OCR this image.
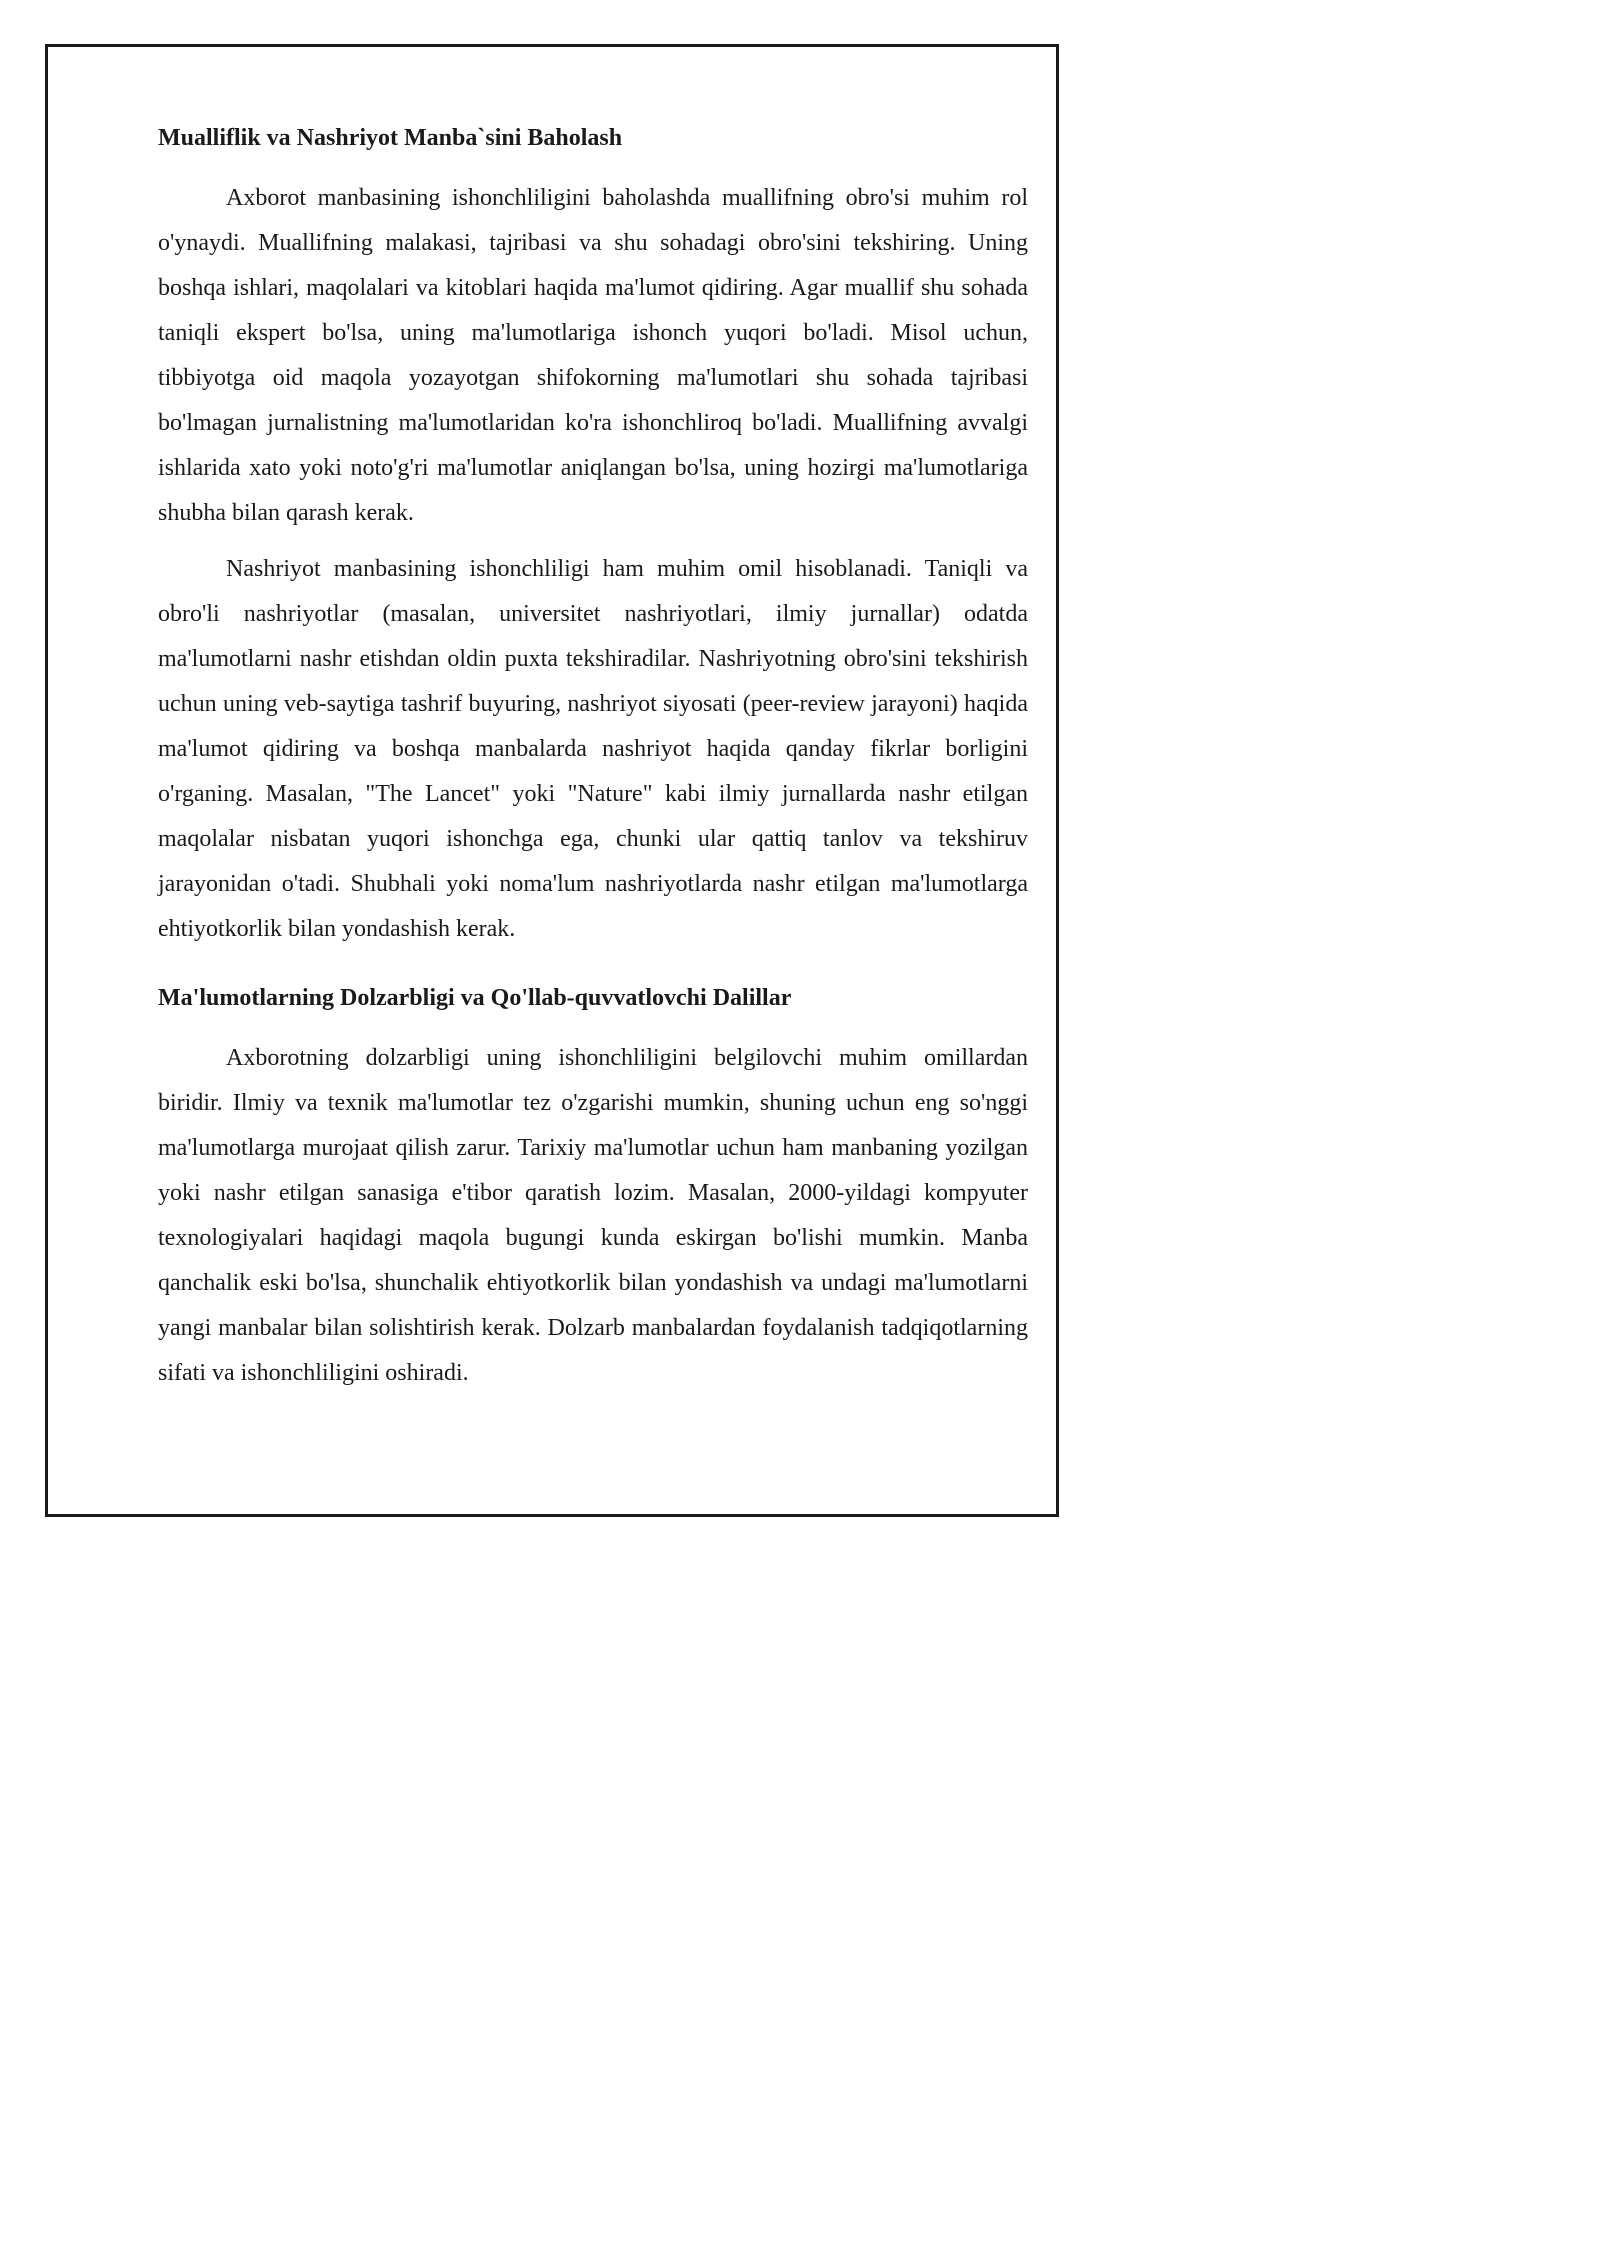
Mualliflik va Nashriyot Manba`sini Baholash

Axborot manbasining ishonchliligini baholashda muallifning obro'si muhim rol o'ynaydi. Muallifning malakasi, tajribasi va shu sohadagi obro'sini tekshiring. Uning boshqa ishlari, maqolalari va kitoblari haqida ma'lumot qidiring. Agar muallif shu sohada taniqli ekspert bo'lsa, uning ma'lumotlariga ishonch yuqori bo'ladi. Misol uchun, tibbiyotga oid maqola yozayotgan shifokorning ma'lumotlari shu sohada tajribasi bo'lmagan jurnalistning ma'lumotlaridan ko'ra ishonchliroq bo'ladi. Muallifning avvalgi ishlarida xato yoki noto'g'ri ma'lumotlar aniqlangan bo'lsa, uning hozirgi ma'lumotlariga shubha bilan qarash kerak.

Nashriyot manbasining ishonchliligi ham muhim omil hisoblanadi. Taniqli va obro'li nashriyotlar (masalan, universitet nashriyotlari, ilmiy jurnallar) odatda ma'lumotlarni nashr etishdan oldin puxta tekshiradilar. Nashriyotning obro'sini tekshirish uchun uning veb-saytiga tashrif buyuring, nashriyot siyosati (peer-review jarayoni) haqida ma'lumot qidiring va boshqa manbalarda nashriyot haqida qanday fikrlar borligini o'rganing. Masalan, "The Lancet" yoki "Nature" kabi ilmiy jurnallarda nashr etilgan maqolalar nisbatan yuqori ishonchga ega, chunki ular qattiq tanlov va tekshiruv jarayonidan o'tadi. Shubhali yoki noma'lum nashriyotlarda nashr etilgan ma'lumotlarga ehtiyotkorlik bilan yondashish kerak.

Ma'lumotlarning Dolzarbligi va Qo'llab-quvvatlovchi Dalillar

Axborotning dolzarbligi uning ishonchliligini belgilovchi muhim omillardan biridir. Ilmiy va texnik ma'lumotlar tez o'zgarishi mumkin, shuning uchun eng so'nggi ma'lumotlarga murojaat qilish zarur. Tarixiy ma'lumotlar uchun ham manbaning yozilgan yoki nashr etilgan sanasiga e'tibor qaratish lozim. Masalan, 2000-yildagi kompyuter texnologiyalari haqidagi maqola bugungi kunda eskirgan bo'lishi mumkin. Manba qanchalik eski bo'lsa, shunchalik ehtiyotkorlik bilan yondashish va undagi ma'lumotlarni yangi manbalar bilan solishtirish kerak. Dolzarb manbalardan foydalanish tadqiqotlarning sifati va ishonchliligini oshiradi.
